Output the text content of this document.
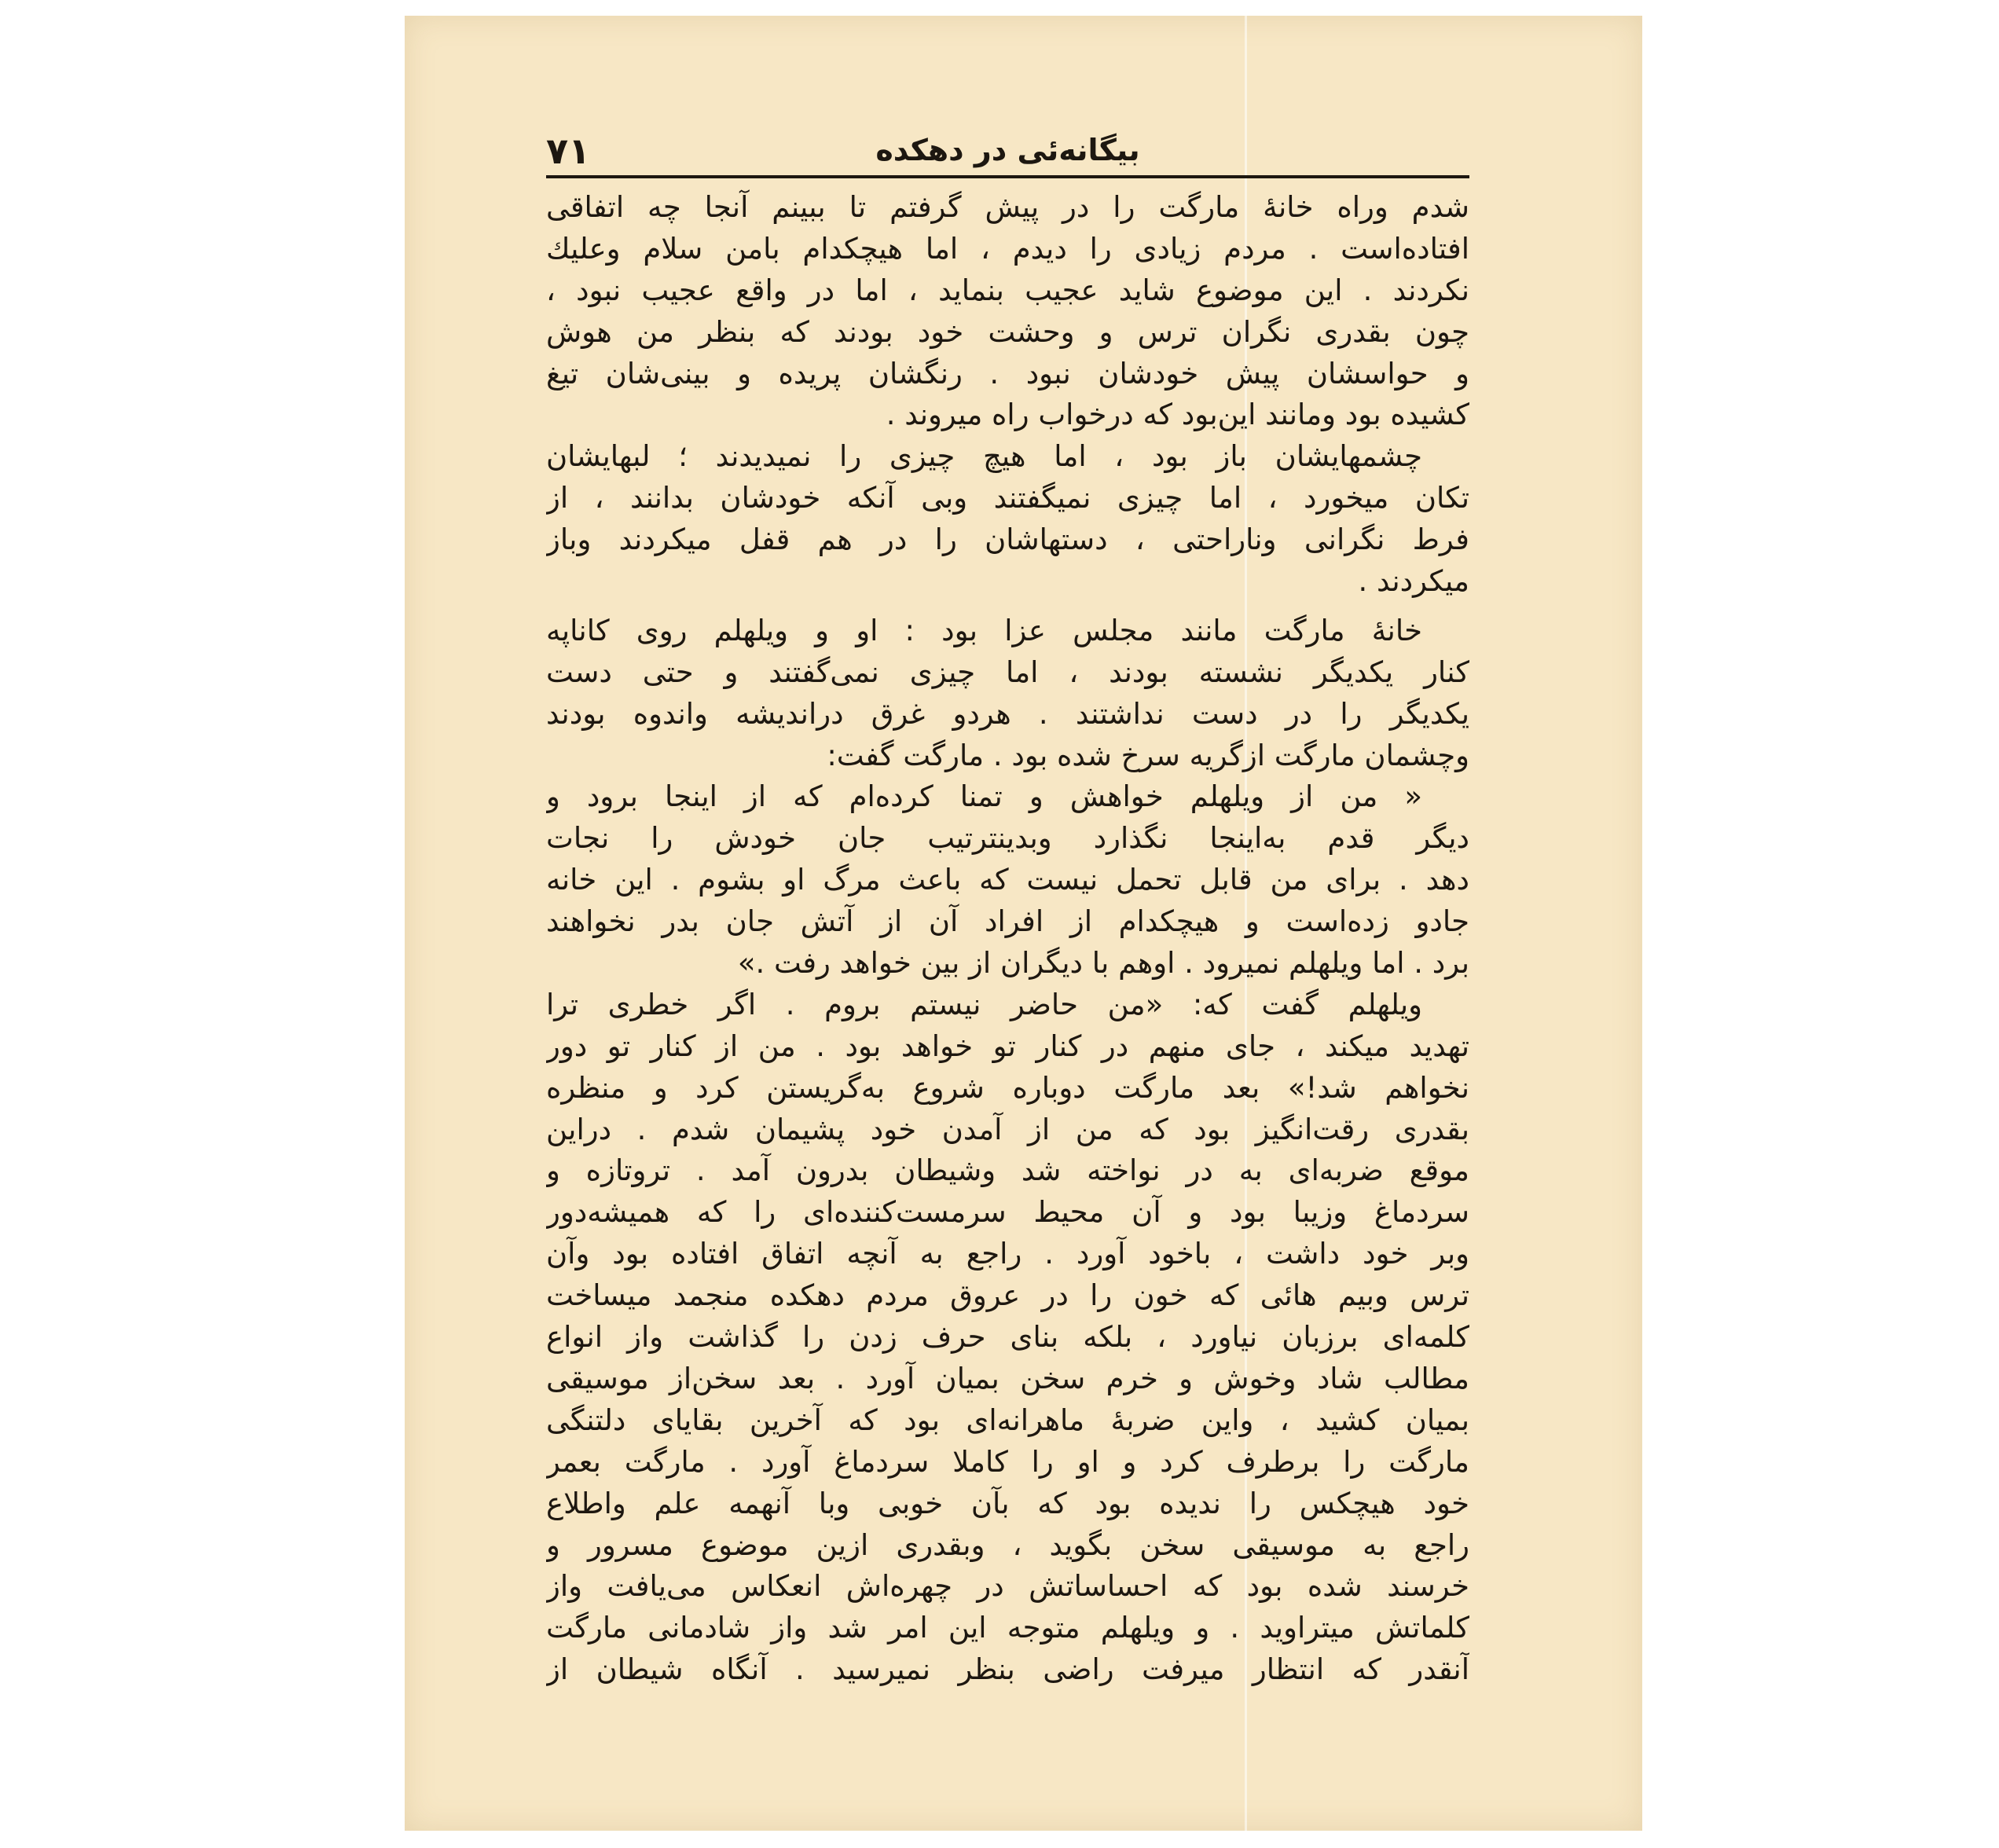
۷۱	بیگانه‌ئی در دهکده
شدم وراه خانهٔ مارگت را در پیش گرفتم تا ببینم آنجا چه اتفاقی
افتاده‌است . مردم زیادی را دیدم ، اما هیچکدام بامن سلام وعلیك
نکردند . این موضوع شاید عجیب بنماید ، اما در واقع عجیب نبود ،
چون بقدری نگران ترس و وحشت خود بودند که بنظر من هوش
و حواسشان پیش خودشان نبود . رنگشان پریده و بینی‌شان تیغ
کشیده بود ومانند این‌بود که درخواب راه میروند .
چشمهایشان باز بود ، اما هیچ چیزی را نمیدیدند ؛ لبهایشان
تکان میخورد ، اما چیزی نمیگفتند وبی آنکه خودشان بدانند ، از
فرط نگرانی وناراحتی ، دستهاشان را در هم قفل میکردند وباز
میکردند .
خانهٔ مارگت مانند مجلس عزا بود : او و ویلهلم روی کاناپه
کنار یکدیگر نشسته بودند ، اما چیزی نمی‌گفتند و حتی دست
یکدیگر را در دست نداشتند . هردو غرق دراندیشه واندوه بودند
وچشمان مارگت ازگریه سرخ شده بود . مارگت گفت:
« من از ویلهلم خواهش و تمنا کرده‌ام که از اینجا برود و
دیگر قدم به‌اینجا نگذارد وبدینترتیب جان خودش را نجات
دهد . برای من قابل تحمل نیست که باعث مرگ او بشوم . این خانه
جادو زده‌است و هیچکدام از افراد آن از آتش جان بدر نخواهند
برد . اما ویلهلم نمیرود . اوهم با دیگران از بین خواهد رفت .»
ویلهلم گفت که: «من حاضر نیستم بروم . اگر خطری ترا
تهدید میکند ، جای منهم در کنار تو خواهد بود . من از کنار تو دور
نخواهم شد!» بعد مارگت دوباره شروع به‌گریستن کرد و منظره
بقدری رقت‌انگیز بود که من از آمدن خود پشیمان شدم . دراین
موقع ضربه‌ای به در نواخته شد وشیطان بدرون آمد . تروتازه و
سردماغ وزیبا بود و آن محیط سرمست‌کننده‌ای را که همیشه‌دور
وبر خود داشت ، باخود آورد . راجع به آنچه اتفاق افتاده بود وآن
ترس وبیم هائی که خون را در عروق مردم دهکده منجمد میساخت
کلمه‌ای برزبان نیاورد ، بلکه بنای حرف زدن را گذاشت واز انواع
مطالب شاد وخوش و خرم سخن بمیان آورد . بعد سخن‌از موسیقی
بمیان کشید ، واین ضربهٔ ماهرانه‌ای بود که آخرین بقایای دلتنگی
مارگت را برطرف کرد و او را کاملا سردماغ آورد . مارگت بعمر
خود هیچکس را ندیده بود که بآن خوبی وبا آنهمه علم واطلاع
راجع به موسیقی سخن بگوید ، وبقدری ازین موضوع مسرور و
خرسند شده بود که احساساتش در چهره‌اش انعکاس می‌یافت واز
کلماتش میتراوید . و ویلهلم متوجه این امر شد واز شادمانی مارگت
آنقدر که انتظار میرفت راضی بنظر نمیرسید . آنگاه شیطان از
